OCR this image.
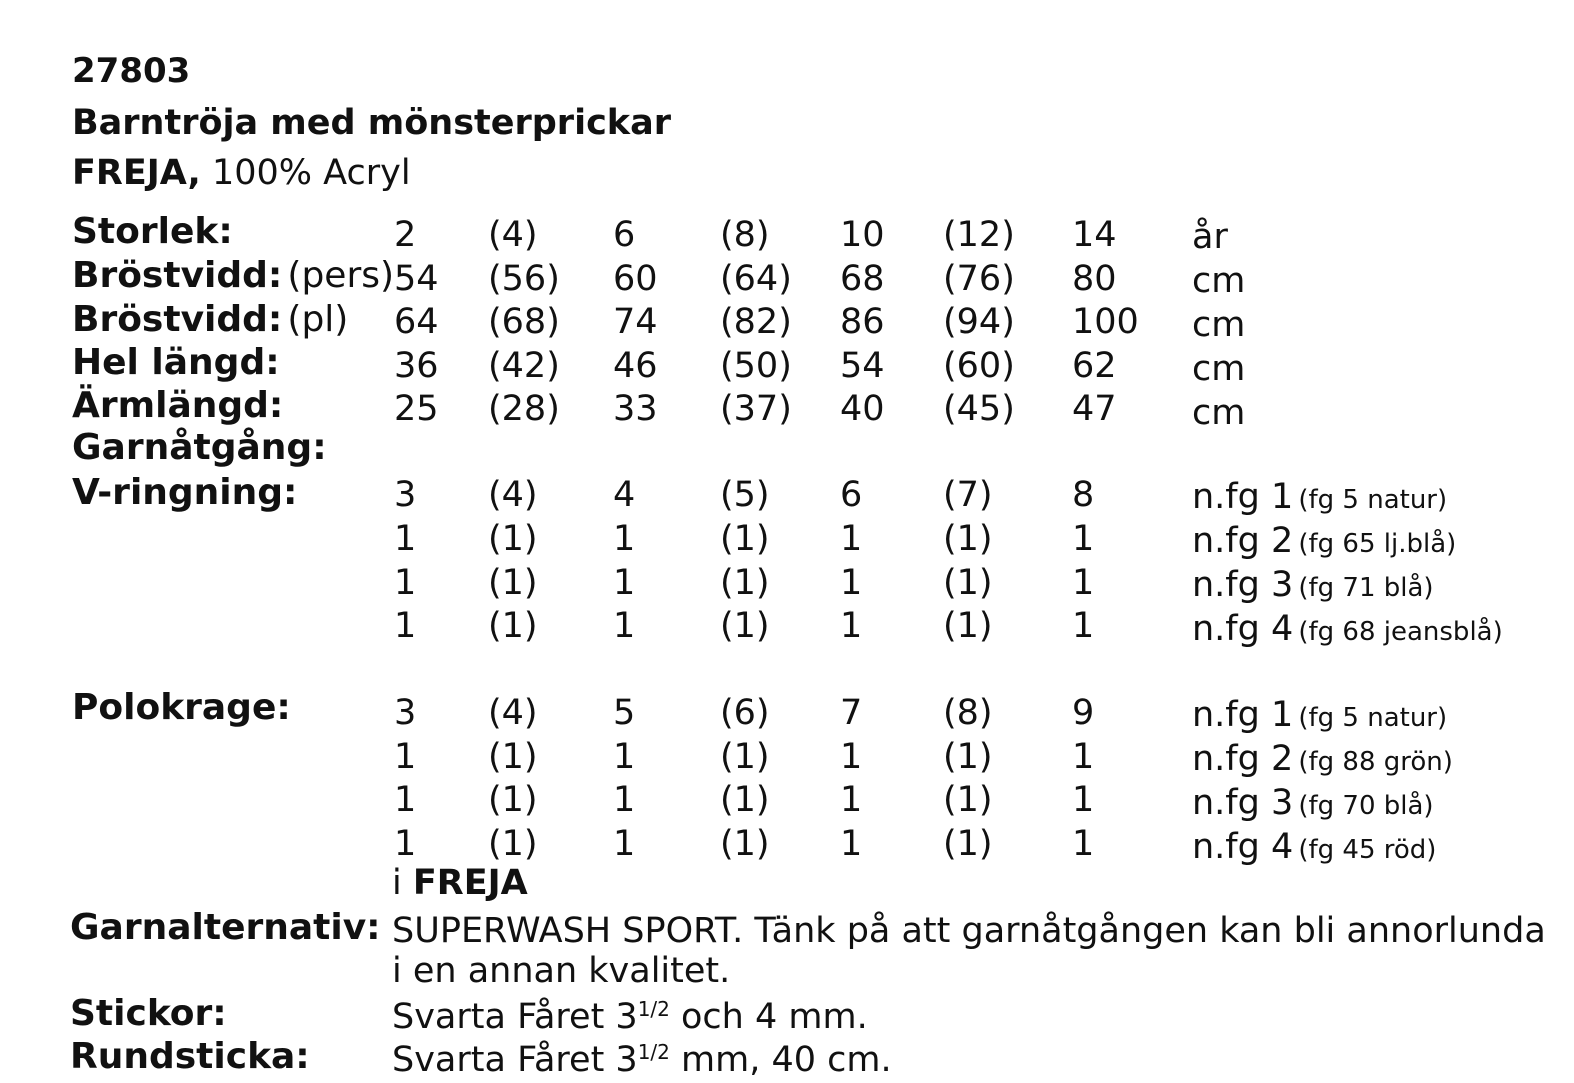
27803
Barntröja med mönsterprickar
FREJA, 100% Acryl
Storlek:	2 (4) 6 (8) 10 (12) 14 år
Bröstvidd: (pers) 54 (56) 60 (64) 68 (76) 80 cm
Bröstvidd: (pl) 64 (68) 74 (82) 86 (94) 100 cm
Hel längd:	36 (42) 46 (50) 54 (60) 62 cm
Ärmlängd:	25 (28) 33 (37) 40 (45) 47 cm
Garnåtgång:
V-ringning:	3 (4) 4 (5) 6 (7) 8	n.fg 1 (fg 5 natur)
1 (1) 1 (1) 1 (1) 1	n.fg 2 (fg 65 lj.blå)
1 (1) 1 (1) 1 (1) 1	n.fg 3 (fg 71 blå)
1 (1) 1 (1) 1 (1) 1	n.fg 4 (fg 68 jeansblå)
Polokrage:	3 (4) 5 (6) 7 (8) 9	n.fg 1 (fg 5 natur)
1 (1) 1 (1) 1 (1) 1	n.fg 2 (fg 88 grön)
1 (1) 1 (1) 1 (1) 1	n.fg 3 (fg 70 blå)
1 (1) 1 (1) 1 (1) 1	n.fg 4 (fg 45 röd)
i FREJA
Garnalternativ: SUPERWASH SPORT. Tänk på att garnåtgången kan bli annorlunda
i en annan kvalitet.
Stickor:	Svarta Fåret $3^{1/2}$ och 4 mm.
Rundsticka: Svarta Fåret $3^{1/2}$ mm, 40 cm.
